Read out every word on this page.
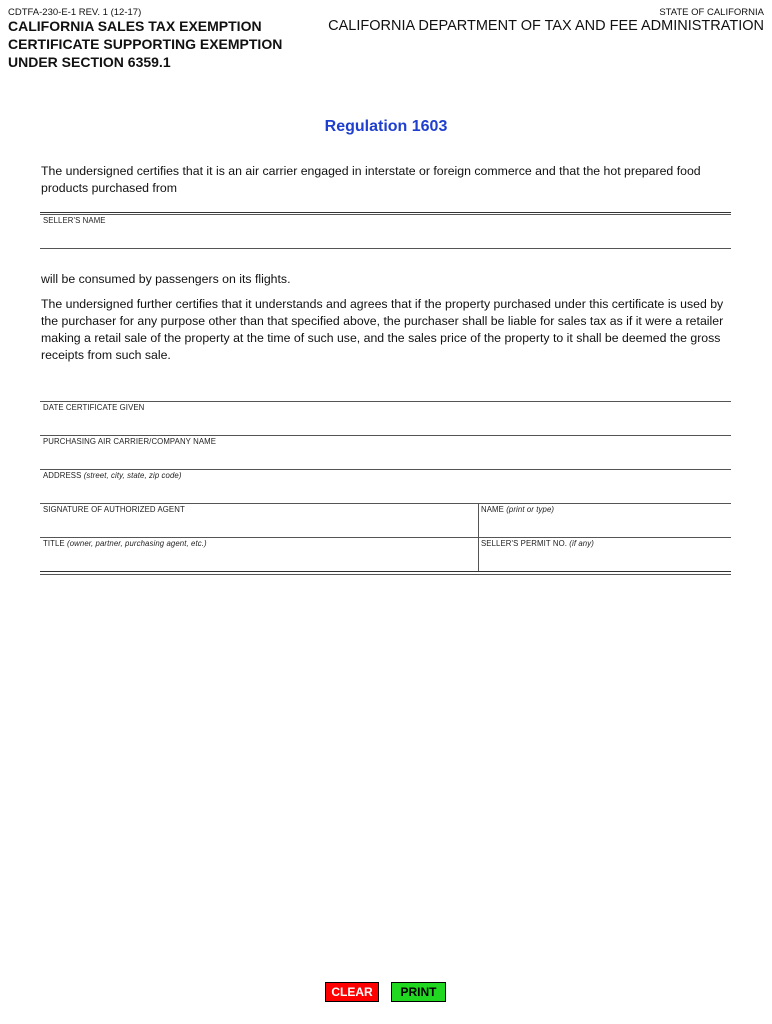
CDTFA-230-E-1 REV. 1 (12-17)	STATE OF CALIFORNIA
CALIFORNIA SALES TAX EXEMPTION
CERTIFICATE SUPPORTING EXEMPTION
UNDER SECTION 6359.1
CALIFORNIA DEPARTMENT OF TAX AND FEE ADMINISTRATION
Regulation 1603

The undersigned certifies that it is an air carrier engaged in interstate or foreign commerce and that the hot prepared food products purchased from

SELLER'S NAME

will be consumed by passengers on its flights.

The undersigned further certifies that it understands and agrees that if the property purchased under this certificate is used by the purchaser for any purpose other than that specified above, the purchaser shall be liable for sales tax as if it were a retailer making a retail sale of the property at the time of such use, and the sales price of the property to it shall be deemed the gross receipts from such sale.

DATE CERTIFICATE GIVEN
PURCHASING AIR CARRIER/COMPANY NAME
ADDRESS (street, city, state, zip code)
SIGNATURE OF AUTHORIZED AGENT	NAME (print or type)
TITLE (owner, partner, purchasing agent, etc.)	SELLER'S PERMIT NO. (if any)
CLEAR	PRINT
